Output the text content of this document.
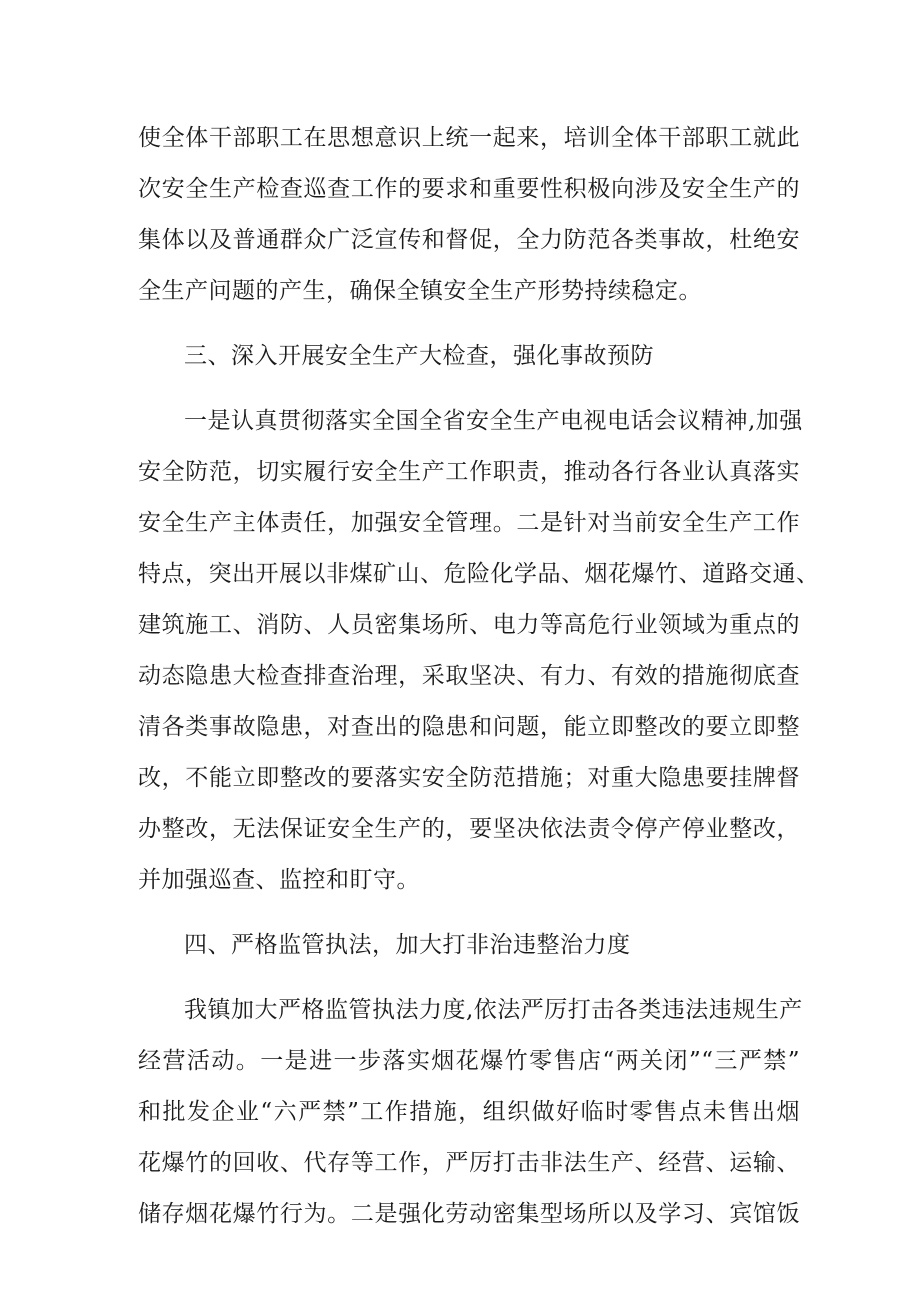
使全体干部职工在思想意识上统一起来，培训全体干部职工就此
次安全生产检查巡查工作的要求和重要性积极向涉及安全生产的
集体以及普通群众广泛宣传和督促，全力防范各类事故，杜绝安
全生产问题的产生，确保全镇安全生产形势持续稳定。
三、深入开展安全生产大检查，强化事故预防
一是认真贯彻落实全国全省安全生产电视电话会议精神,加强
安全防范，切实履行安全生产工作职责，推动各行各业认真落实
安全生产主体责任，加强安全管理。二是针对当前安全生产工作
特点，突出开展以非煤矿山、危险化学品、烟花爆竹、道路交通、
建筑施工、消防、人员密集场所、电力等高危行业领域为重点的
动态隐患大检查排查治理，采取坚决、有力、有效的措施彻底查
清各类事故隐患，对查出的隐患和问题，能立即整改的要立即整
改，不能立即整改的要落实安全防范措施；对重大隐患要挂牌督
办整改，无法保证安全生产的，要坚决依法责令停产停业整改，
并加强巡查、监控和盯守。
四、严格监管执法，加大打非治违整治力度
我镇加大严格监管执法力度,依法严厉打击各类违法违规生产
经营活动。一是进一步落实烟花爆竹零售店“两关闭”“三严禁”
和批发企业“六严禁”工作措施，组织做好临时零售点未售出烟
花爆竹的回收、代存等工作，严厉打击非法生产、经营、运输、
储存烟花爆竹行为。二是强化劳动密集型场所以及学习、宾馆饭
